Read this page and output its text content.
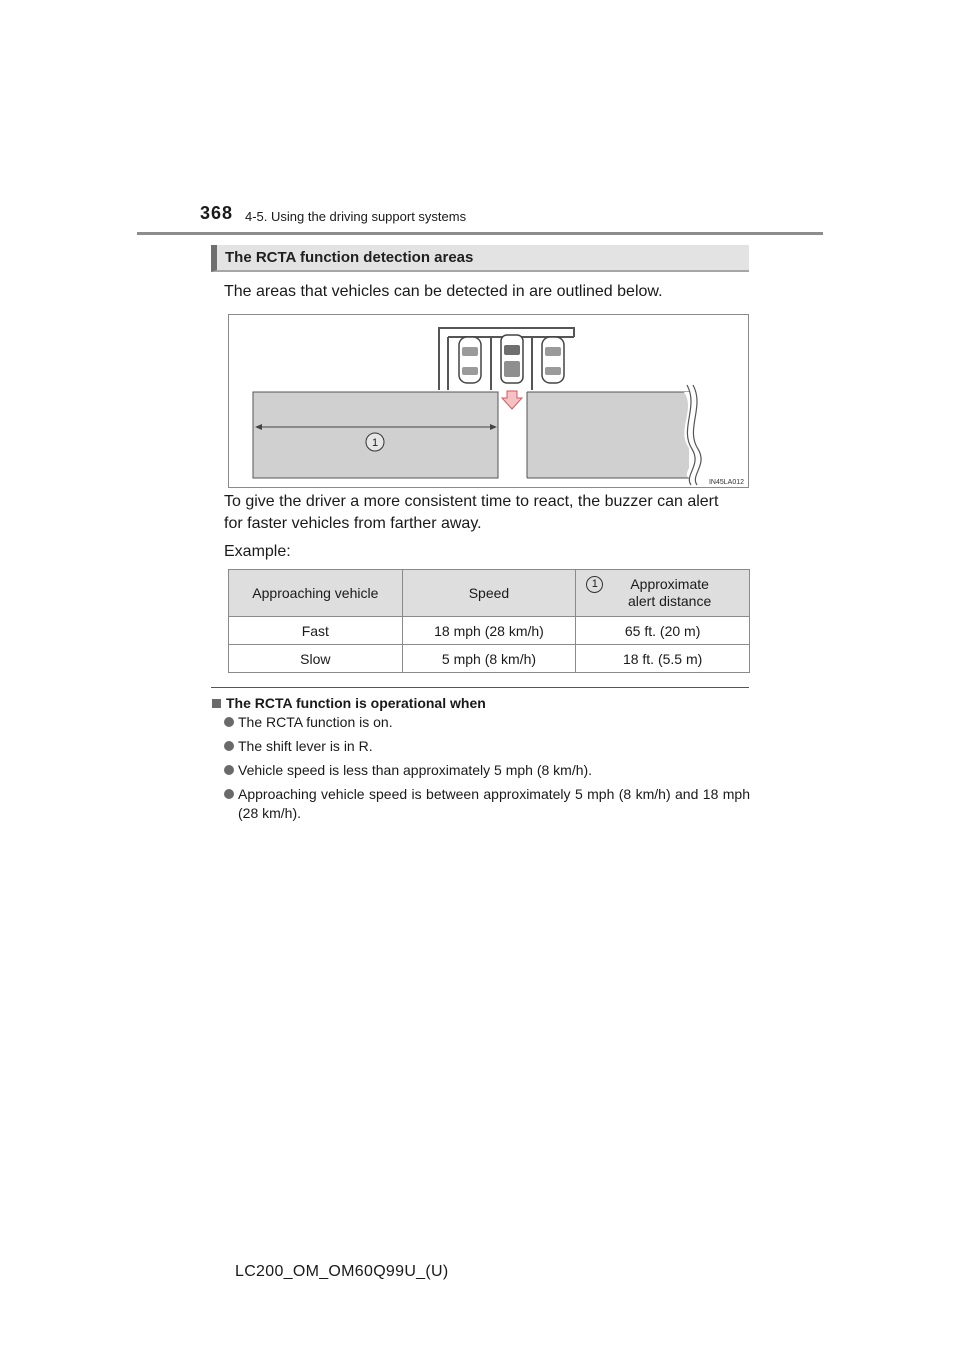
368 4-5. Using the driving support systems
The RCTA function detection areas
The areas that vehicles can be detected in are outlined below.
1
IN45LA012
To give the driver a more consistent time to react, the buzzer can alert
for faster vehicles from farther away.
Example:
Approaching vehicle	Speed	1 Approximate
alert distance

Fast	18 mph (28 km/h)	65 ft. (20 m)
Slow	5 mph (8 km/h)	18 ft. (5.5 m)
The RCTA function is operational when
The RCTA function is on.
The shift lever is in R.
Vehicle speed is less than approximately 5 mph (8 km/h).
Approaching vehicle speed is between approximately 5 mph (8 km/h) and 18 mph (28 km/h).
LC200_OM_OM60Q99U_(U)
